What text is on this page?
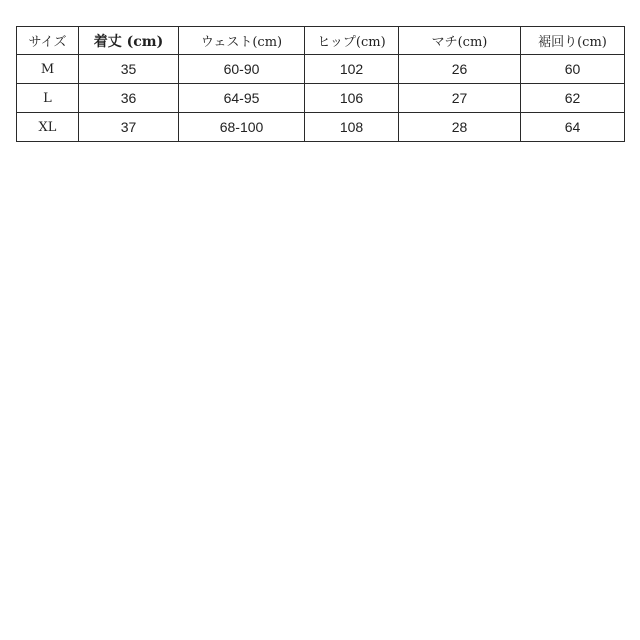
サイズ	着丈 (cm)	ウェスト(cm)	ヒップ(cm)	マチ(cm)	裾回り(cm)
M	35	60-90	102	26	60
L	36	64-95	106	27	62
XL	37	68-100	108	28	64
